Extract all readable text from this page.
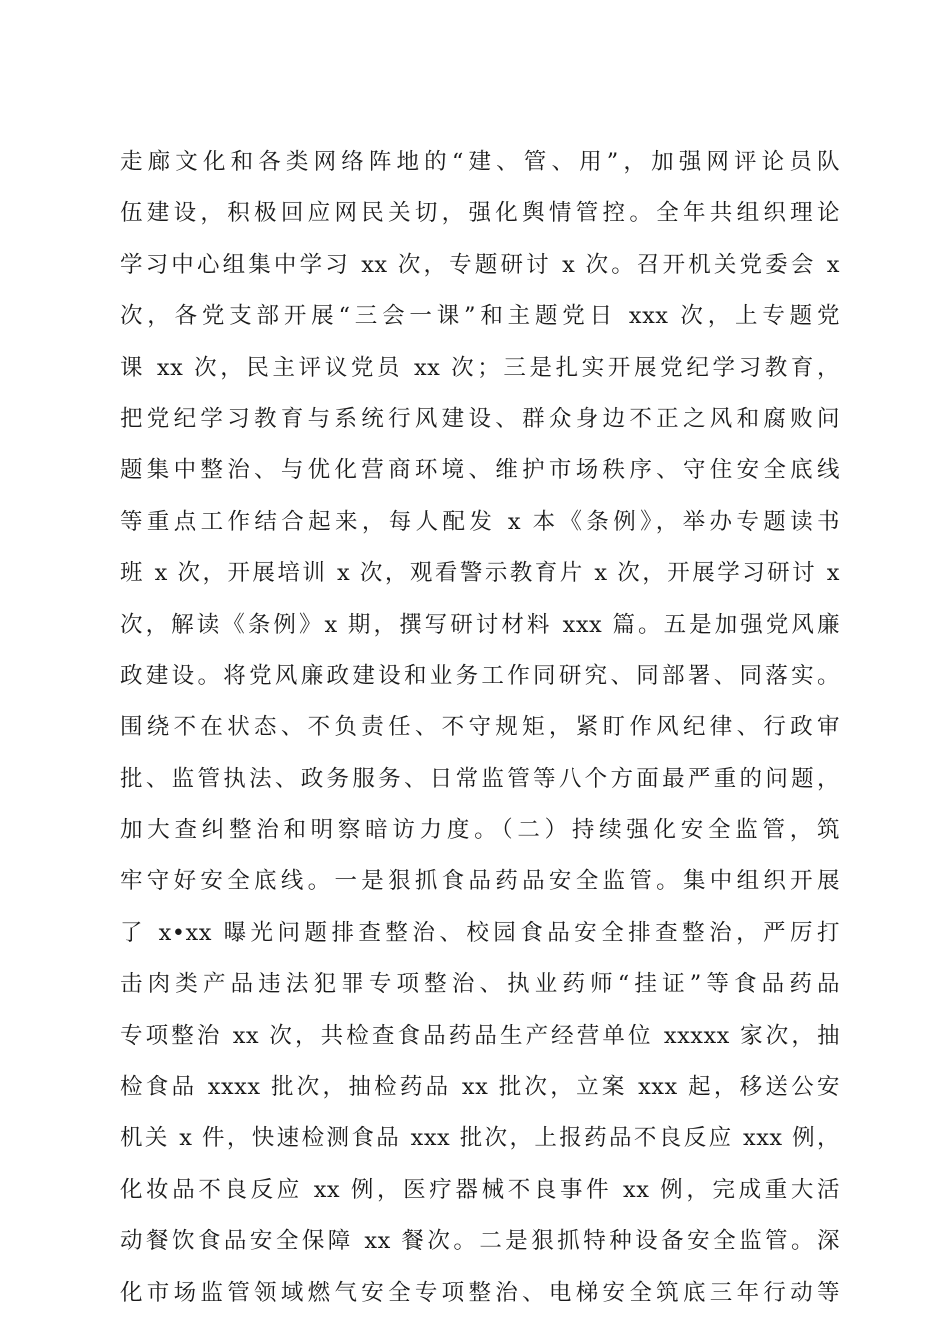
走廊文化和各类网络阵地的“建、管、用”，加强网评论员队
伍建设，积极回应网民关切，强化舆情管控。全年共组织理论
学习中心组集中学习 xx 次，专题研讨 x 次。召开机关党委会 x
次，各党支部开展“三会一课”和主题党日 xxx 次，上专题党
课 xx 次，民主评议党员 xx 次；三是扎实开展党纪学习教育，
把党纪学习教育与系统行风建设、群众身边不正之风和腐败问
题集中整治、与优化营商环境、维护市场秩序、守住安全底线
等重点工作结合起来，每人配发 x 本《条例》，举办专题读书
班 x 次，开展培训 x 次，观看警示教育片 x 次，开展学习研讨 x
次，解读《条例》x 期，撰写研讨材料 xxx 篇。五是加强党风廉
政建设。将党风廉政建设和业务工作同研究、同部署、同落实。
围绕不在状态、不负责任、不守规矩，紧盯作风纪律、行政审
批、监管执法、政务服务、日常监管等八个方面最严重的问题，
加大查纠整治和明察暗访力度。（二）持续强化安全监管，筑
牢守好安全底线。一是狠抓食品药品安全监管。集中组织开展
了 x•xx 曝光问题排查整治、校园食品安全排查整治，严厉打
击肉类产品违法犯罪专项整治、执业药师“挂证”等食品药品
专项整治 xx 次，共检查食品药品生产经营单位 xxxxx 家次，抽
检食品 xxxx 批次，抽检药品 xx 批次，立案 xxx 起，移送公安
机关 x 件，快速检测食品 xxx 批次，上报药品不良反应 xxx 例，
化妆品不良反应 xx 例，医疗器械不良事件 xx 例，完成重大活
动餐饮食品安全保障 xx 餐次。二是狠抓特种设备安全监管。深
化市场监管领域燃气安全专项整治、电梯安全筑底三年行动等
